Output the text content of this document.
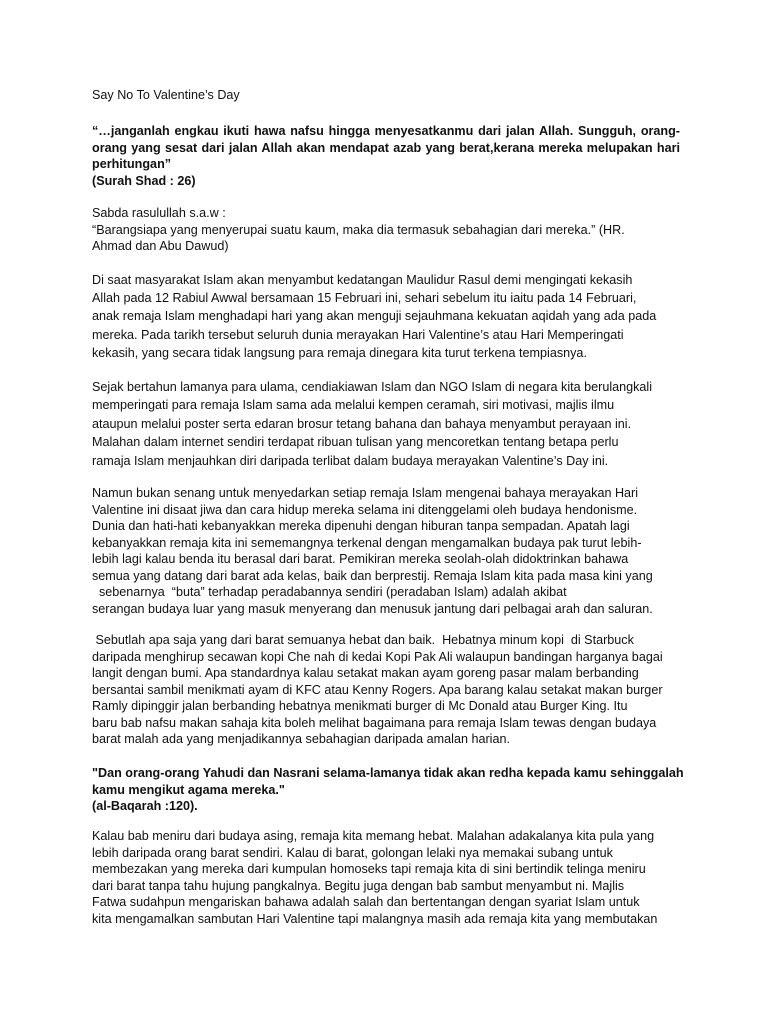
Say No To Valentine’s Day
“…janganlah engkau ikuti hawa nafsu hingga menyesatkanmu dari jalan Allah. Sungguh, orang-
orang yang sesat dari jalan Allah akan mendapat azab yang berat,kerana mereka melupakan hari
perhitungan”
(Surah Shad : 26)
Sabda rasulullah s.a.w :
“Barangsiapa yang menyerupai suatu kaum, maka dia termasuk sebahagian dari mereka.” (HR.
Ahmad dan Abu Dawud)
Di saat masyarakat Islam akan menyambut kedatangan Maulidur Rasul demi mengingati kekasih
Allah pada 12 Rabiul Awwal bersamaan 15 Februari ini, sehari sebelum itu iaitu pada 14 Februari,
anak remaja Islam menghadapi hari yang akan menguji sejauhmana kekuatan aqidah yang ada pada
mereka. Pada tarikh tersebut seluruh dunia merayakan Hari Valentine’s atau Hari Memperingati
kekasih, yang secara tidak langsung para remaja dinegara kita turut terkena tempiasnya.
Sejak bertahun lamanya para ulama, cendiakiawan Islam dan NGO Islam di negara kita berulangkali
memperingati para remaja Islam sama ada melalui kempen ceramah, siri motivasi, majlis ilmu
ataupun melalui poster serta edaran brosur tetang bahana dan bahaya menyambut perayaan ini.
Malahan dalam internet sendiri terdapat ribuan tulisan yang mencoretkan tentang betapa perlu
ramaja Islam menjauhkan diri daripada terlibat dalam budaya merayakan Valentine’s Day ini.
Namun bukan senang untuk menyedarkan setiap remaja Islam mengenai bahaya merayakan Hari
Valentine ini disaat jiwa dan cara hidup mereka selama ini ditenggelami oleh budaya hendonisme.
Dunia dan hati-hati kebanyakkan mereka dipenuhi dengan hiburan tanpa sempadan. Apatah lagi
kebanyakkan remaja kita ini sememangnya terkenal dengan mengamalkan budaya pak turut lebih-
lebih lagi kalau benda itu berasal dari barat. Pemikiran mereka seolah-olah didoktrinkan bahawa
semua yang datang dari barat ada kelas, baik dan berprestij. Remaja Islam kita pada masa kini yang
sebenarnya  “buta” terhadap peradabannya sendiri (peradaban Islam) adalah akibat
serangan budaya luar yang masuk menyerang dan menusuk jantung dari pelbagai arah dan saluran.
Sebutlah apa saja yang dari barat semuanya hebat dan baik.  Hebatnya minum kopi  di Starbuck
daripada menghirup secawan kopi Che nah di kedai Kopi Pak Ali walaupun bandingan harganya bagai
langit dengan bumi. Apa standardnya kalau setakat makan ayam goreng pasar malam berbanding
bersantai sambil menikmati ayam di KFC atau Kenny Rogers. Apa barang kalau setakat makan burger
Ramly dipinggir jalan berbanding hebatnya menikmati burger di Mc Donald atau Burger King. Itu
baru bab nafsu makan sahaja kita boleh melihat bagaimana para remaja Islam tewas dengan budaya
barat malah ada yang menjadikannya sebahagian daripada amalan harian.
"Dan orang-orang Yahudi dan Nasrani selama-lamanya tidak akan redha kepada kamu sehinggalah
kamu mengikut agama mereka."
(al-Baqarah :120).
Kalau bab meniru dari budaya asing, remaja kita memang hebat. Malahan adakalanya kita pula yang
lebih daripada orang barat sendiri. Kalau di barat, golongan lelaki nya memakai subang untuk
membezakan yang mereka dari kumpulan homoseks tapi remaja kita di sini bertindik telinga meniru
dari barat tanpa tahu hujung pangkalnya. Begitu juga dengan bab sambut menyambut ni. Majlis
Fatwa sudahpun mengariskan bahawa adalah salah dan bertentangan dengan syariat Islam untuk
kita mengamalkan sambutan Hari Valentine tapi malangnya masih ada remaja kita yang membutakan
